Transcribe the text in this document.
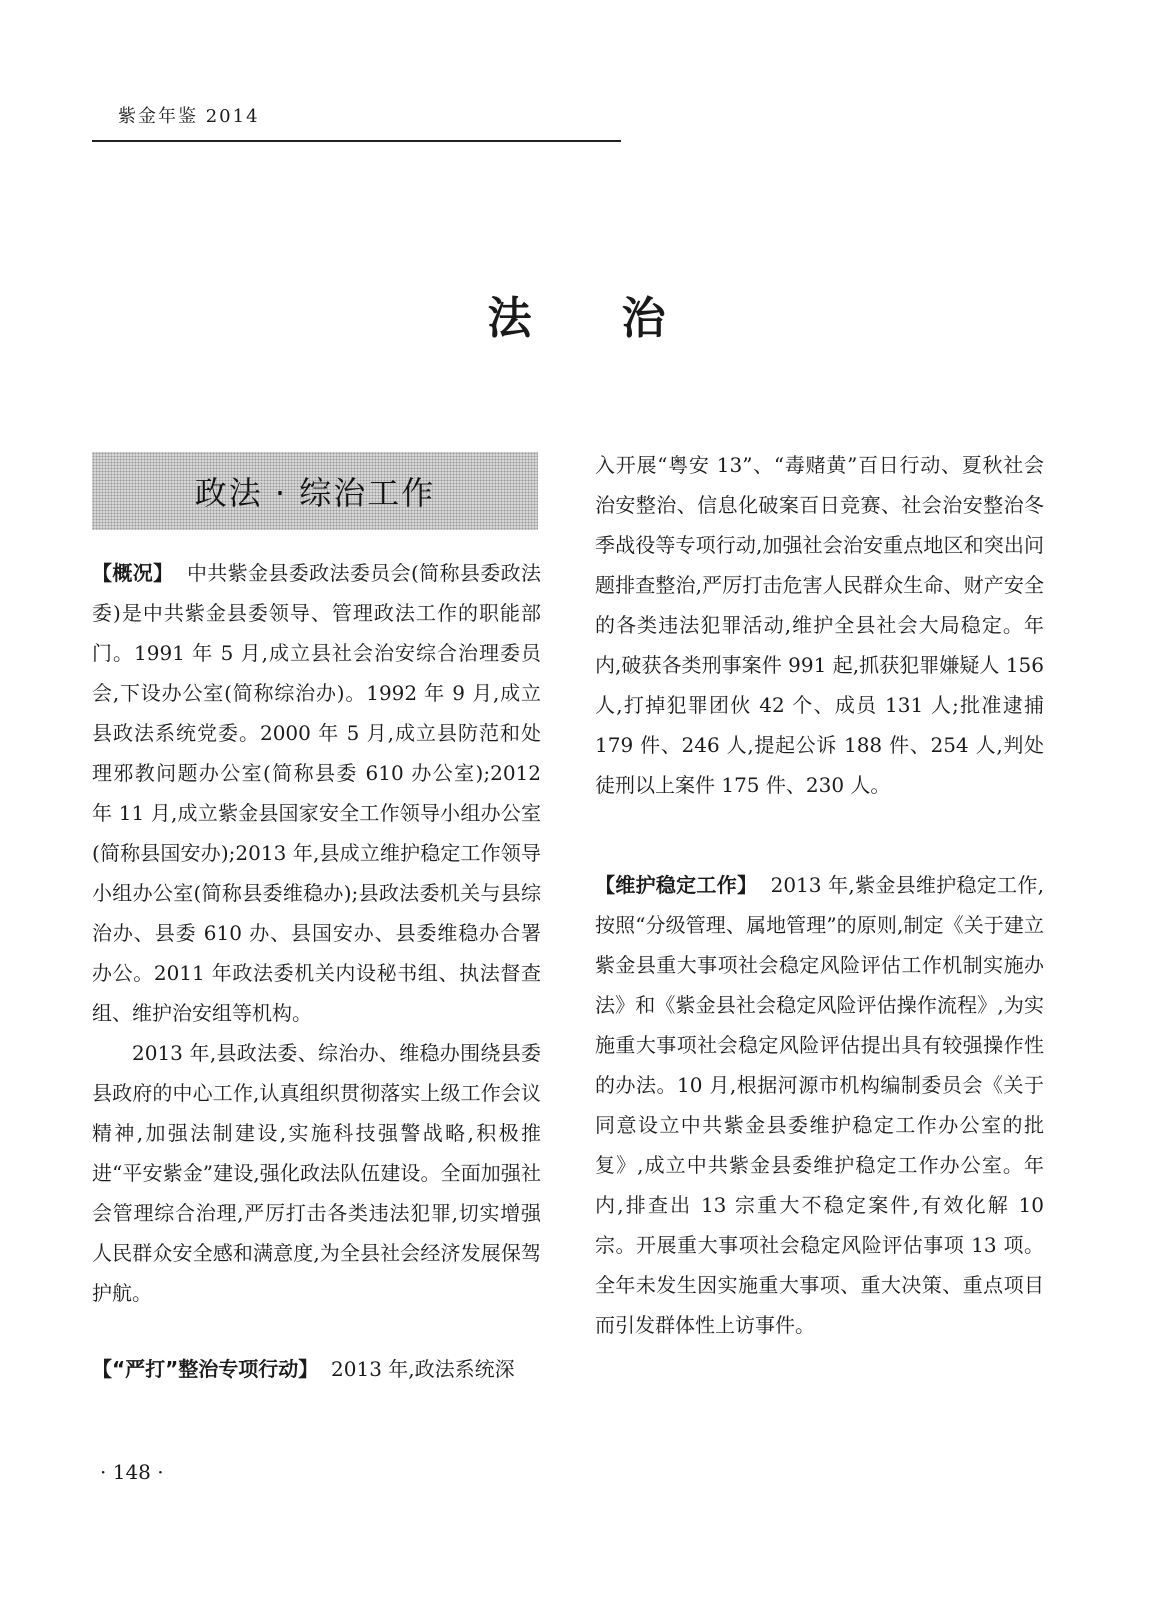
紫金年鉴 2014
法治
政法 · 综治工作

【概况】 中共紫金县委政法委员会(简称县委政法委)是中共紫金县委领导、管理政法工作的职能部门。1991 年 5 月,成立县社会治安综合治理委员会,下设办公室(简称综治办)。1992 年 9 月,成立县政法系统党委。2000 年 5 月,成立县防范和处理邪教问题办公室(简称县委 610 办公室);2012 年 11 月,成立紫金县国家安全工作领导小组办公室(简称县国安办);2013 年,县成立维护稳定工作领导小组办公室(简称县委维稳办);县政法委机关与县综治办、县委 610 办、县国安办、县委维稳办合署办公。2011 年政法委机关内设秘书组、执法督查组、维护治安组等机构。

2013 年,县政法委、综治办、维稳办围绕县委县政府的中心工作,认真组织贯彻落实上级工作会议精神,加强法制建设,实施科技强警战略,积极推进“平安紫金”建设,强化政法队伍建设。全面加强社会管理综合治理,严厉打击各类违法犯罪,切实增强人民群众安全感和满意度,为全县社会经济发展保驾护航。

【“严打”整治专项行动】 2013 年,政法系统深

入开展“粤安 13”、“毒赌黄”百日行动、夏秋社会治安整治、信息化破案百日竞赛、社会治安整治冬季战役等专项行动,加强社会治安重点地区和突出问题排查整治,严厉打击危害人民群众生命、财产安全的各类违法犯罪活动,维护全县社会大局稳定。年内,破获各类刑事案件 991 起,抓获犯罪嫌疑人 156 人,打掉犯罪团伙 42 个、成员 131 人;批准逮捕 179 件、246 人,提起公诉 188 件、254 人,判处徒刑以上案件 175 件、230 人。

【维护稳定工作】 2013 年,紫金县维护稳定工作,按照“分级管理、属地管理”的原则,制定《关于建立紫金县重大事项社会稳定风险评估工作机制实施办法》和《紫金县社会稳定风险评估操作流程》,为实施重大事项社会稳定风险评估提出具有较强操作性的办法。10 月,根据河源市机构编制委员会《关于同意设立中共紫金县委维护稳定工作办公室的批复》,成立中共紫金县委维护稳定工作办公室。年内,排查出 13 宗重大不稳定案件,有效化解 10 宗。开展重大事项社会稳定风险评估事项 13 项。全年未发生因实施重大事项、重大决策、重点项目而引发群体性上访事件。

· 148 ·
